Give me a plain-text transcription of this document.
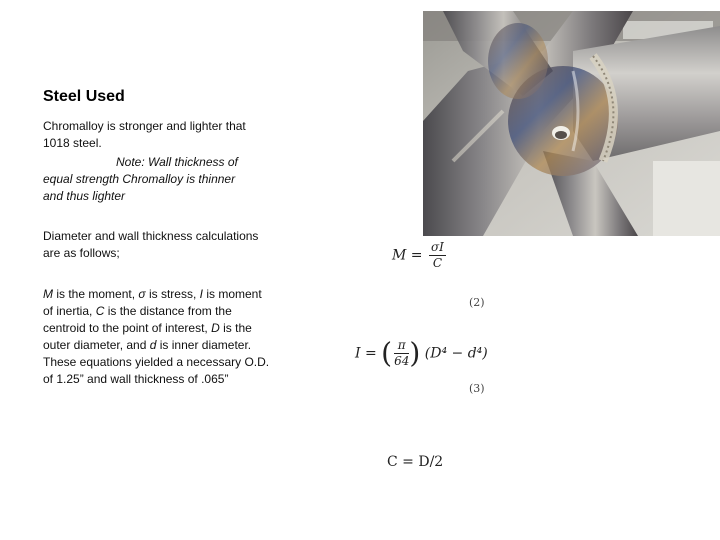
Steel Used
Chromalloy is stronger and lighter that 1018 steel.
Note: Wall thickness of
equal strength Chromalloy is thinner
and thus lighter
Diameter and wall thickness calculations are as follows;
M is the moment, σ is stress, I is moment of inertia, C is the distance from the centroid to the point of interest, D is the outer diameter, and d is inner diameter. These equations yielded a necessary O.D. of 1.25” and wall thickness of .065”
$M = \frac{\sigma I}{C}$
(2)
I = ( $\frac{\pi}{64}$ ) (D⁴ − d⁴)
(3)
C = D/2
